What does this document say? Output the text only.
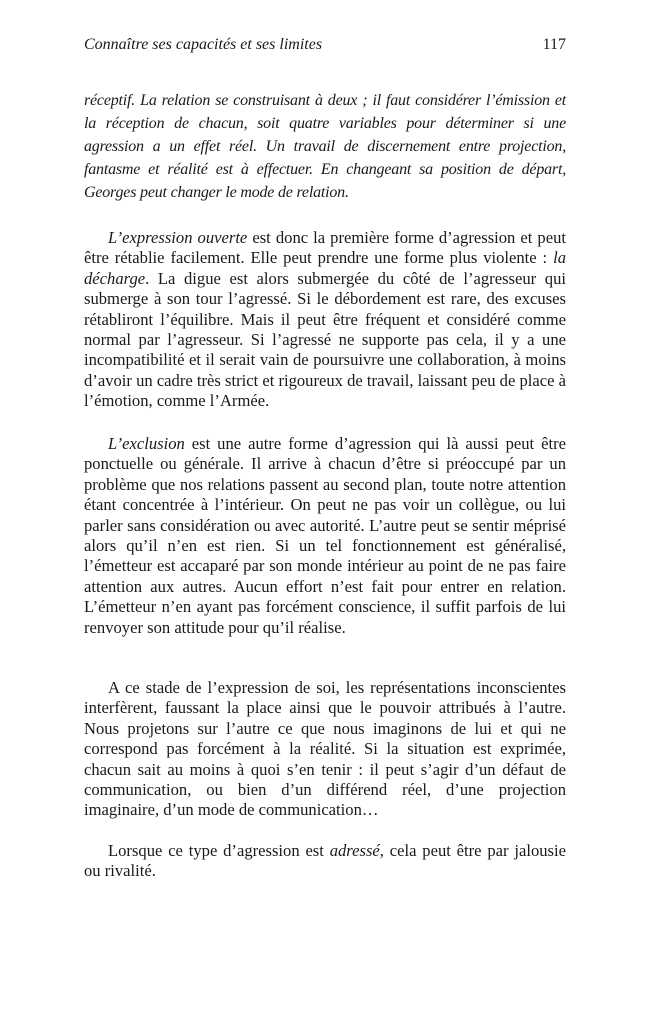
Connaître ses capacités et ses limites	117

réceptif. La relation se construisant à deux ; il faut considérer l’émission et la réception de chacun, soit quatre variables pour déterminer si une agression a un effet réel. Un travail de discernement entre projection, fantasme et réalité est à effectuer. En changeant sa position de départ, Georges peut changer le mode de relation.

L’expression ouverte est donc la première forme d’agression et peut être rétablie facilement. Elle peut prendre une forme plus violente : la décharge. La digue est alors submergée du côté de l’agresseur qui submerge à son tour l’agressé. Si le débordement est rare, des excuses rétabliront l’équilibre. Mais il peut être fréquent et considéré comme normal par l’agresseur. Si l’agressé ne supporte pas cela, il y a une incompatibilité et il serait vain de poursuivre une collaboration, à moins d’avoir un cadre très strict et rigoureux de travail, laissant peu de place à l’émotion, comme l’Armée.

L’exclusion est une autre forme d’agression qui là aussi peut être ponctuelle ou générale. Il arrive à chacun d’être si préoccupé par un problème que nos relations passent au second plan, toute notre attention étant concentrée à l’intérieur. On peut ne pas voir un collègue, ou lui parler sans considération ou avec autorité. L’autre peut se sentir méprisé alors qu’il n’en est rien. Si un tel fonctionnement est généralisé, l’émetteur est accaparé par son monde intérieur au point de ne pas faire attention aux autres. Aucun effort n’est fait pour entrer en relation. L’émetteur n’en ayant pas forcément conscience, il suffit parfois de lui renvoyer son attitude pour qu’il réalise.

A ce stade de l’expression de soi, les représentations inconscientes interfèrent, faussant la place ainsi que le pouvoir attribués à l’autre. Nous projetons sur l’autre ce que nous imaginons de lui et qui ne correspond pas forcément à la réalité. Si la situation est exprimée, chacun sait au moins à quoi s’en tenir : il peut s’agir d’un défaut de communication, ou bien d’un différend réel, d’une projection imaginaire, d’un mode de communication…

Lorsque ce type d’agression est adressé, cela peut être par jalousie ou rivalité.
